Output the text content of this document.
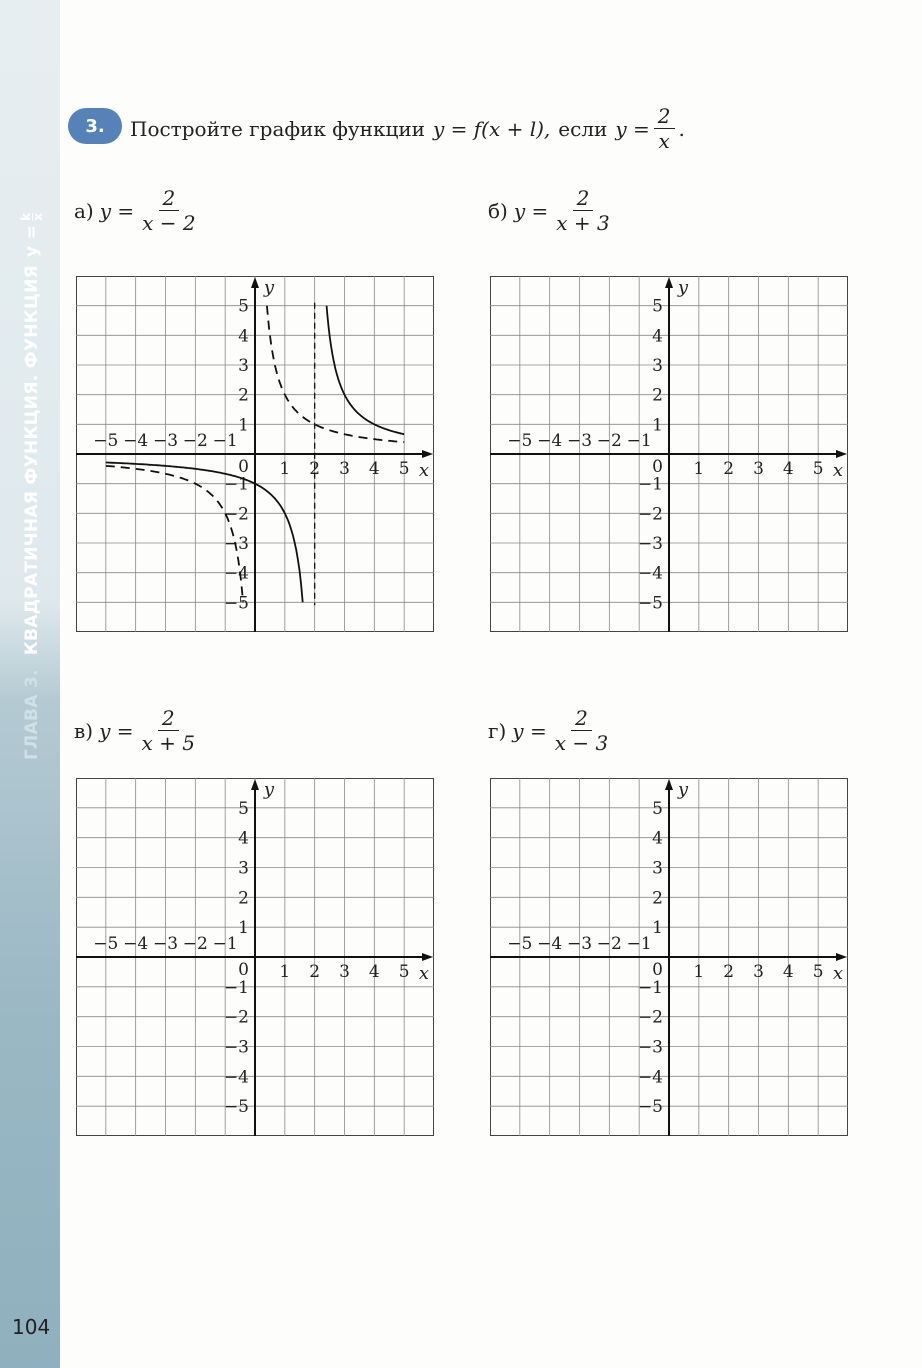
ГЛАВА 3.
КВАДРАТИЧНАЯ ФУНКЦИЯ. ФУНКЦИЯ
y =
k
x
104
3.	Постройте график функции y = f(x + l), если $y = \frac{2}{x}$ .
а) $y = \frac{2}{x - 2}$	б) $y = \frac{2}{x + 3}$
в) $y = \frac{2}{x + 5}$	г) $y = \frac{2}{x - 3}$
−5 −4 −3 −2 −1
1 2 3 4 5
5
4
3
2
1
−1
−2
−3
−4
−5
0	x
y
−5 −4 −3 −2 −1
1 2 3 4 5
5
4
3
2
1
−1
−2
−3
−4
−5
0	x
y
−5 −4 −3 −2 −1
1 2 3 4 5
5
4
3
2
1
−1
−2
−3
−4
−5
0	x
y
−5 −4 −3 −2 −1
1 2 3 4 5
5
4
3
2
1
−1
−2
−3
−4
−5
0	x
y
